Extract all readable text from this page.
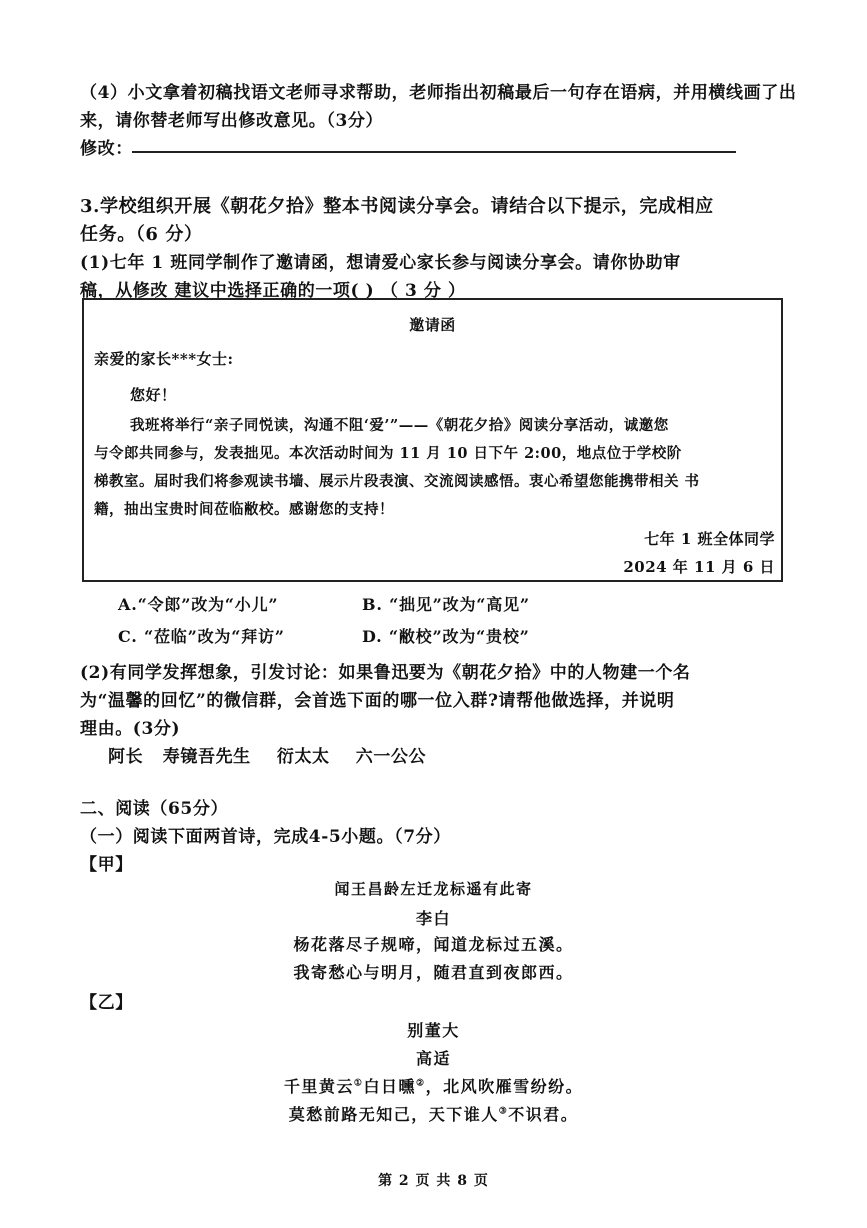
（4）小文拿着初稿找语文老师寻求帮助，老师指出初稿最后一句存在语病，并用横线画了出
来，请你替老师写出修改意见。（3分）
修改：
3.学校组织开展《朝花夕拾》整本书阅读分享会。请结合以下提示，完成相应
任务。（6 分）
(1)七年 1 班同学制作了邀请函，想请爱心家长参与阅读分享会。请你协助审
稿，从修改 建议中选择正确的一项( ) （ 3 分 ）
邀请函
亲爱的家长***女士:
您好！
我班将举行“亲子同悦读，沟通不阻‘爱’”——《朝花夕拾》阅读分享活动，诚邀您
与令郎共同参与，发表拙见。本次活动时间为 11 月 10 日下午 2:00，地点位于学校阶
梯教室。届时我们将参观读书墙、展示片段表演、交流阅读感悟。衷心希望您能携带相关 书
籍，抽出宝贵时间莅临敝校。感谢您的支持！
七年 1 班全体同学
2024 年 11 月 6 日
A.“令郎”改为“小儿”	B. “拙见”改为“高见”
C. “莅临”改为“拜访”	D. “敝校”改为“贵校”
(2)有同学发挥想象，引发讨论：如果鲁迅要为《朝花夕拾》中的人物建一个名
为“温馨的回忆”的微信群，会首选下面的哪一位入群?请帮他做选择，并说明
理由。(3分)
阿长 寿镜吾先生 衍太太 六一公公
二、阅读（65分）
（一）阅读下面两首诗，完成4-5小题。（7分）
【甲】
闻王昌龄左迁龙标遥有此寄
李白
杨花落尽子规啼，闻道龙标过五溪。
我寄愁心与明月，随君直到夜郎西。
【乙】
别董大
高适
千里黄云①白日曛②，北风吹雁雪纷纷。
莫愁前路无知己，天下谁人③不识君。
第 2 页 共 8 页
